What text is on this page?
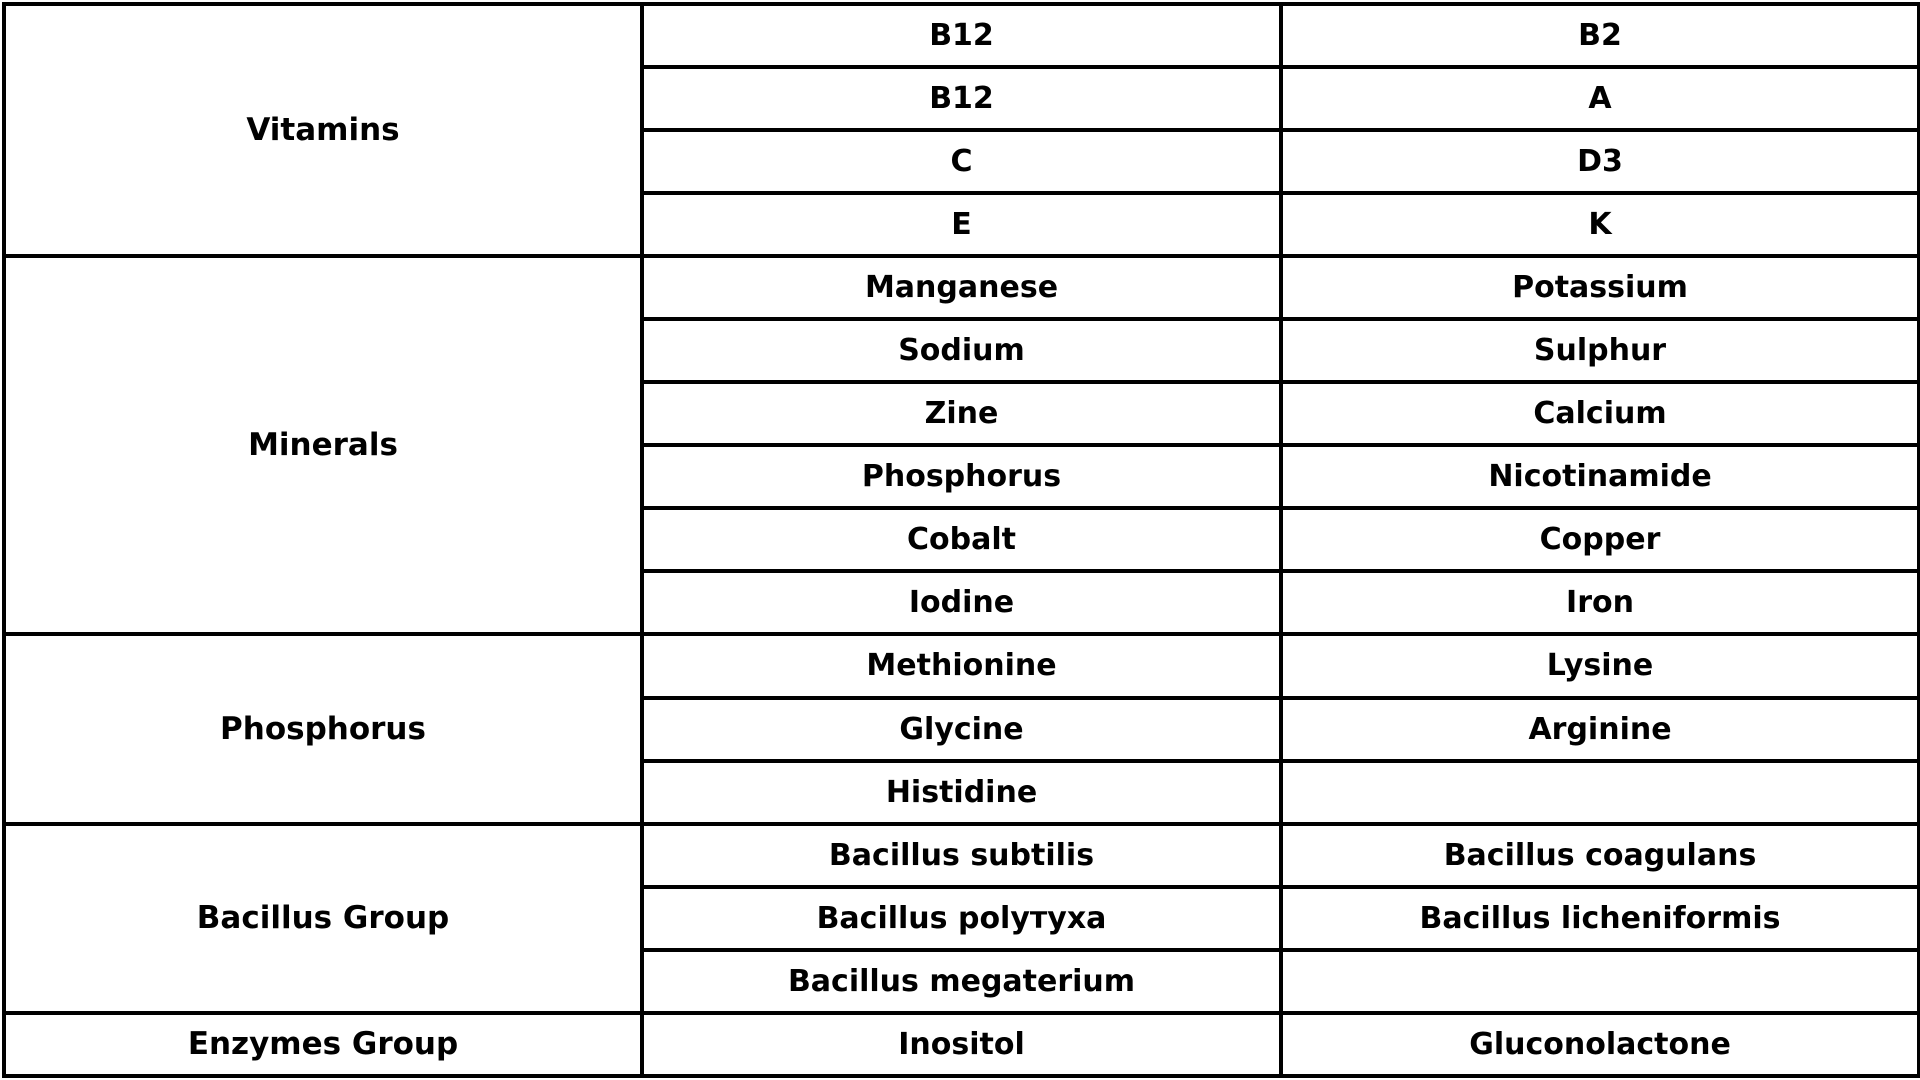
Vitamins	B12	B2
	B12	A
	C	D3
	E	K
Minerals	Manganese	Potassium
	Sodium	Sulphur
	Zine	Calcium
	Phosphorus	Nicotinamide
	Cobalt	Copper
	Iodine	Iron
Phosphorus	Methionine	Lysine
	Glycine	Arginine
	Histidine	
Bacillus Group	Bacillus subtilis	Bacillus coagulans
	Bacillus polyтуха	Bacillus licheniformis
	Bacillus megaterium	
Enzymes Group	Inositol	Gluconolactone
